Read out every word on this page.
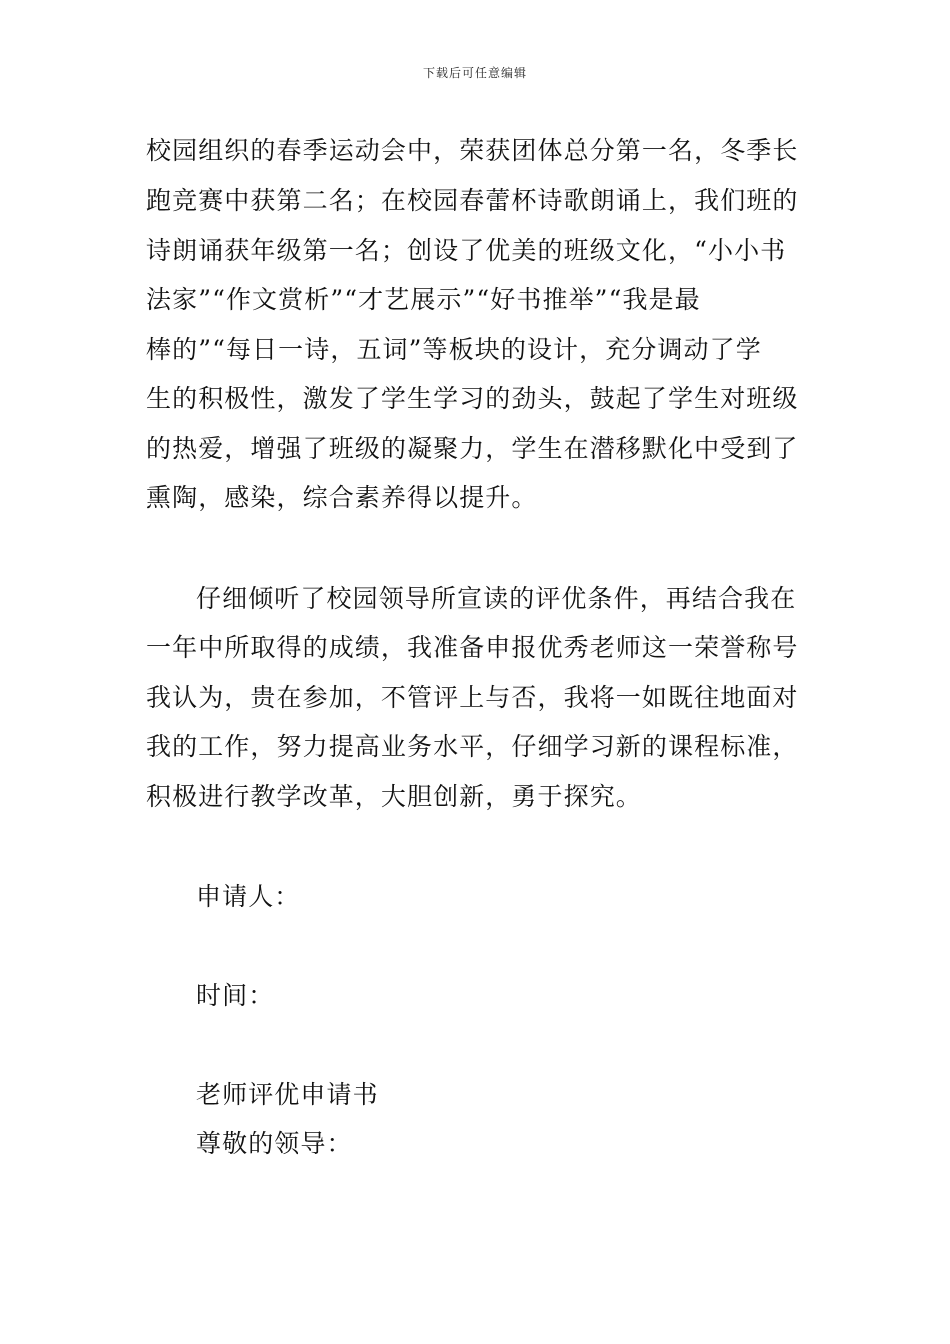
下载后可任意编辑
校园组织的春季运动会中，荣获团体总分第一名，冬季长
跑竞赛中获第二名；在校园春蕾杯诗歌朗诵上，我们班的
诗朗诵获年级第一名；创设了优美的班级文化，“小小书
法家”“作文赏析”“才艺展示”“好书推举”“我是最
棒的”“每日一诗，五词”等板块的设计，充分调动了学
生的积极性，激发了学生学习的劲头，鼓起了学生对班级
的热爱，增强了班级的凝聚力，学生在潜移默化中受到了
熏陶，感染，综合素养得以提升。
仔细倾听了校园领导所宣读的评优条件，再结合我在
一年中所取得的成绩，我准备申报优秀老师这一荣誉称号
我认为，贵在参加，不管评上与否，我将一如既往地面对
我的工作，努力提高业务水平，仔细学习新的课程标准，
积极进行教学改革，大胆创新，勇于探究。
申请人：
时间：
老师评优申请书
尊敬的领导：
